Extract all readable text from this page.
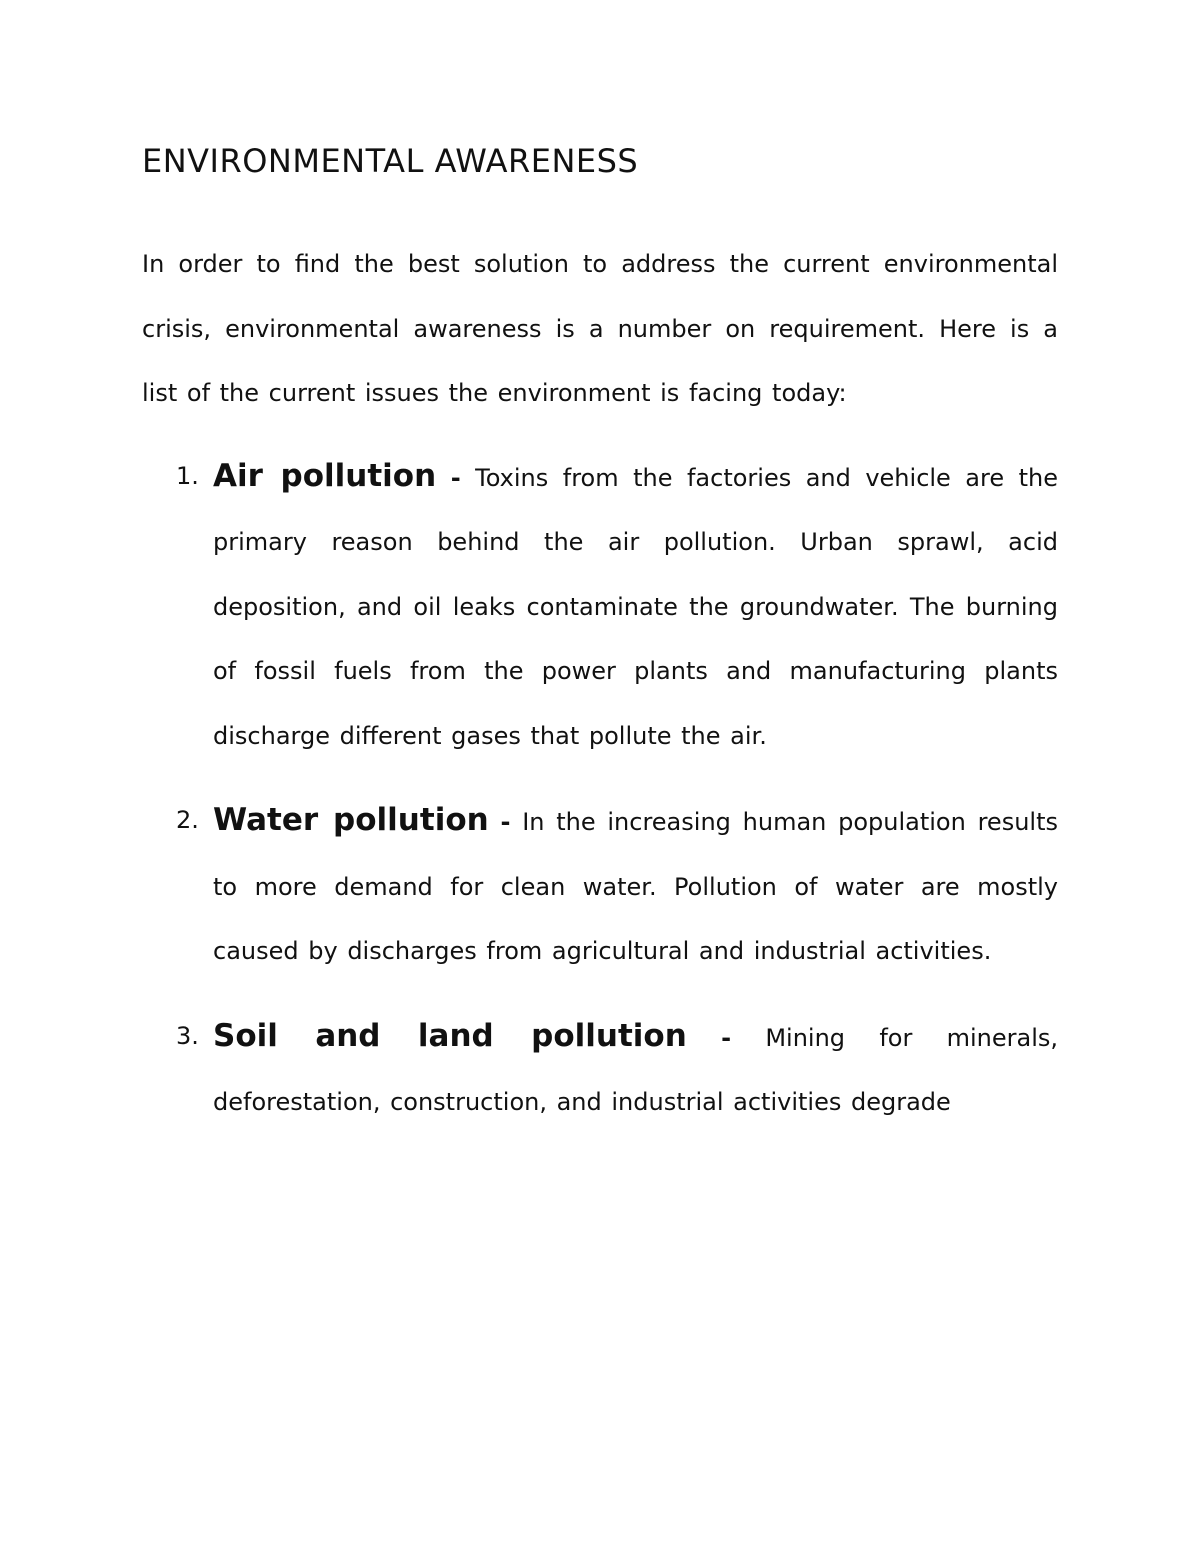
ENVIRONMENTAL AWARENESS

In order to find the best solution to address the current environmental crisis, environmental awareness is a number on requirement. Here is a list of the current issues the environment is facing today:

1. Air pollution - Toxins from the factories and vehicle are the primary reason behind the air pollution. Urban sprawl, acid deposition, and oil leaks contaminate the groundwater. The burning of fossil fuels from the power plants and manufacturing plants discharge different gases that pollute the air.
2. Water pollution - In the increasing human population results to more demand for clean water. Pollution of water are mostly caused by discharges from agricultural and industrial activities.
3. Soil and land pollution - Mining for minerals, deforestation, construction, and industrial activities degrade
